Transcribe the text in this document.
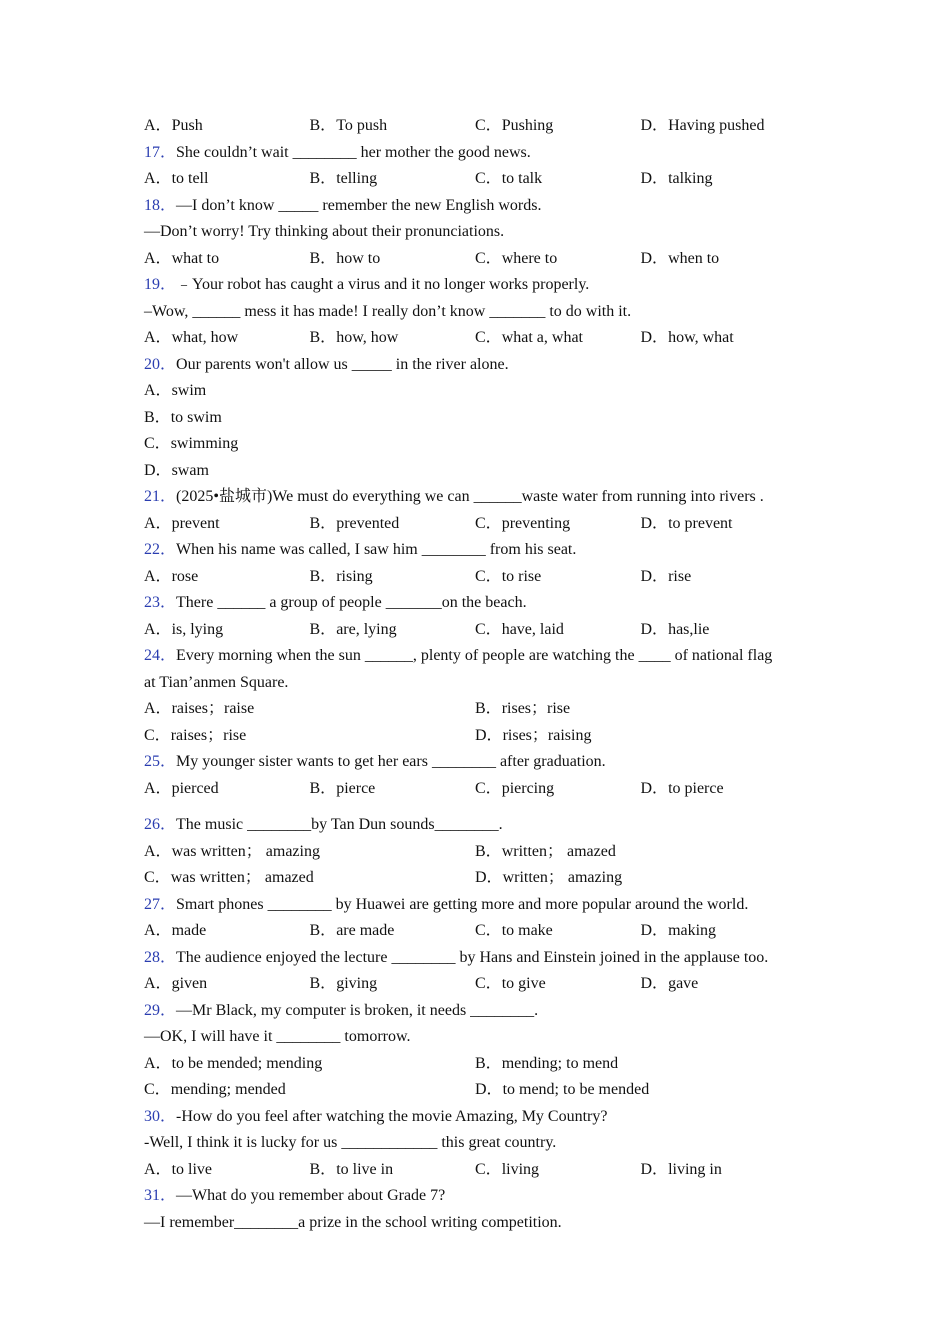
A．Push	B．To push	C．Pushing	D．Having pushed
17．She couldn’t wait ________ her mother the good news.
A．to tell	B．telling	C．to talk	D．talking
18．—I don’t know _____ remember the new English words.
—Don’t worry! Try thinking about their pronunciations.
A．what to	B．how to	C．where to	D．when to
19．﹣Your robot has caught a virus and it no longer works properly.
–Wow, ______ mess it has made! I really don’t know _______ to do with it.
A．what, how	B．how, how	C．what a, what	D．how, what
20．Our parents won't allow us _____ in the river alone.
A．swim
B．to swim
C．swimming
D．swam
21．(2025•盐城市)We must do everything we can ______waste water from running into rivers .
A．prevent	B．prevented	C．preventing	D．to prevent
22．When his name was called, I saw him ________ from his seat.
A．rose	B．rising	C．to rise	D．rise
23．There ______ a group of people _______on the beach.
A．is, lying	B．are, lying	C．have, laid	D．has,lie
24．Every morning when the sun ______, plenty of people are watching the ____ of national flag
at Tian’anmen Square.
A．raises；raise	B．rises；rise
C．raises；rise	D．rises；raising
25．My younger sister wants to get her ears ________ after graduation.
A．pierced	B．pierce	C．piercing	D．to pierce
26．The music ________by Tan Dun sounds________.
A．was written； amazing	B．written； amazed
C．was written； amazed	D．written； amazing
27．Smart phones ________ by Huawei are getting more and more popular around the world.
A．made	B．are made	C．to make	D．making
28．The audience enjoyed the lecture ________ by Hans and Einstein joined in the applause too.
A．given	B．giving	C．to give	D．gave
29．—Mr Black, my computer is broken, it needs ________.
—OK, I will have it ________ tomorrow.
A．to be mended; mending	B．mending; to mend
C．mending; mended	D．to mend; to be mended
30．-How do you feel after watching the movie Amazing, My Country?
-Well, I think it is lucky for us ____________ this great country.
A．to live	B．to live in	C．living	D．living in
31．—What do you remember about Grade 7?
—I remember________a prize in the school writing competition.
